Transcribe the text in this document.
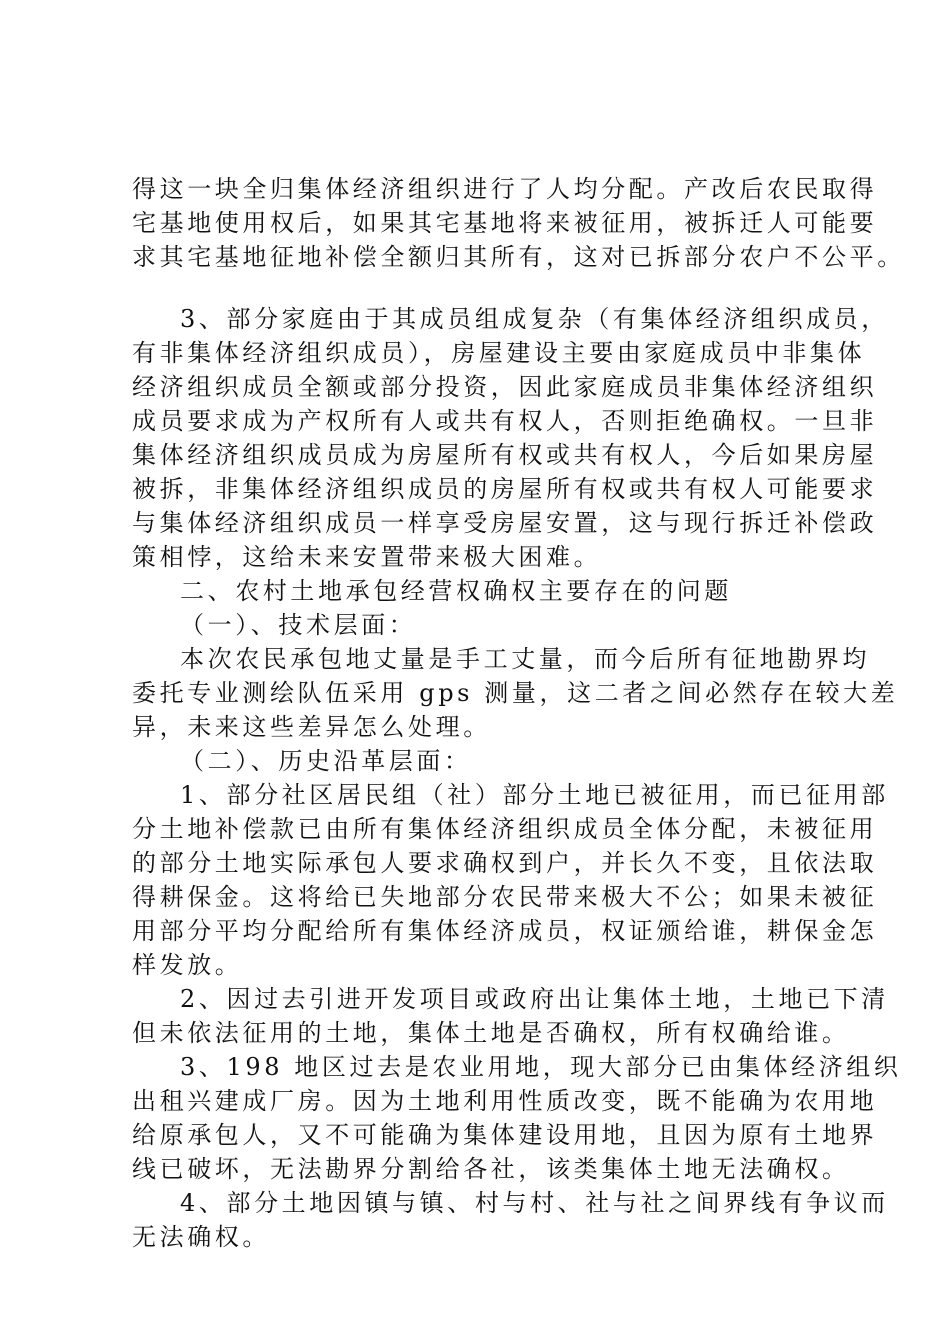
得这一块全归集体经济组织进行了人均分配。产改后农民取得
宅基地使用权后，如果其宅基地将来被征用，被拆迁人可能要
求其宅基地征地补偿全额归其所有，这对已拆部分农户不公平。
3、部分家庭由于其成员组成复杂（有集体经济组织成员，
有非集体经济组织成员），房屋建设主要由家庭成员中非集体
经济组织成员全额或部分投资，因此家庭成员非集体经济组织
成员要求成为产权所有人或共有权人，否则拒绝确权。一旦非
集体经济组织成员成为房屋所有权或共有权人，今后如果房屋
被拆，非集体经济组织成员的房屋所有权或共有权人可能要求
与集体经济组织成员一样享受房屋安置，这与现行拆迁补偿政
策相悖，这给未来安置带来极大困难。
二、农村土地承包经营权确权主要存在的问题
（一）、技术层面：
本次农民承包地丈量是手工丈量，而今后所有征地勘界均
委托专业测绘队伍采用 gps 测量，这二者之间必然存在较大差
异，未来这些差异怎么处理。
（二）、历史沿革层面：
1、部分社区居民组（社）部分土地已被征用，而已征用部
分土地补偿款已由所有集体经济组织成员全体分配，未被征用
的部分土地实际承包人要求确权到户，并长久不变，且依法取
得耕保金。这将给已失地部分农民带来极大不公；如果未被征
用部分平均分配给所有集体经济成员，权证颁给谁，耕保金怎
样发放。
2、因过去引进开发项目或政府出让集体土地，土地已下清
但未依法征用的土地，集体土地是否确权，所有权确给谁。
3、198 地区过去是农业用地，现大部分已由集体经济组织
出租兴建成厂房。因为土地利用性质改变，既不能确为农用地
给原承包人，又不可能确为集体建设用地，且因为原有土地界
线已破坏，无法勘界分割给各社，该类集体土地无法确权。
4、部分土地因镇与镇、村与村、社与社之间界线有争议而
无法确权。
